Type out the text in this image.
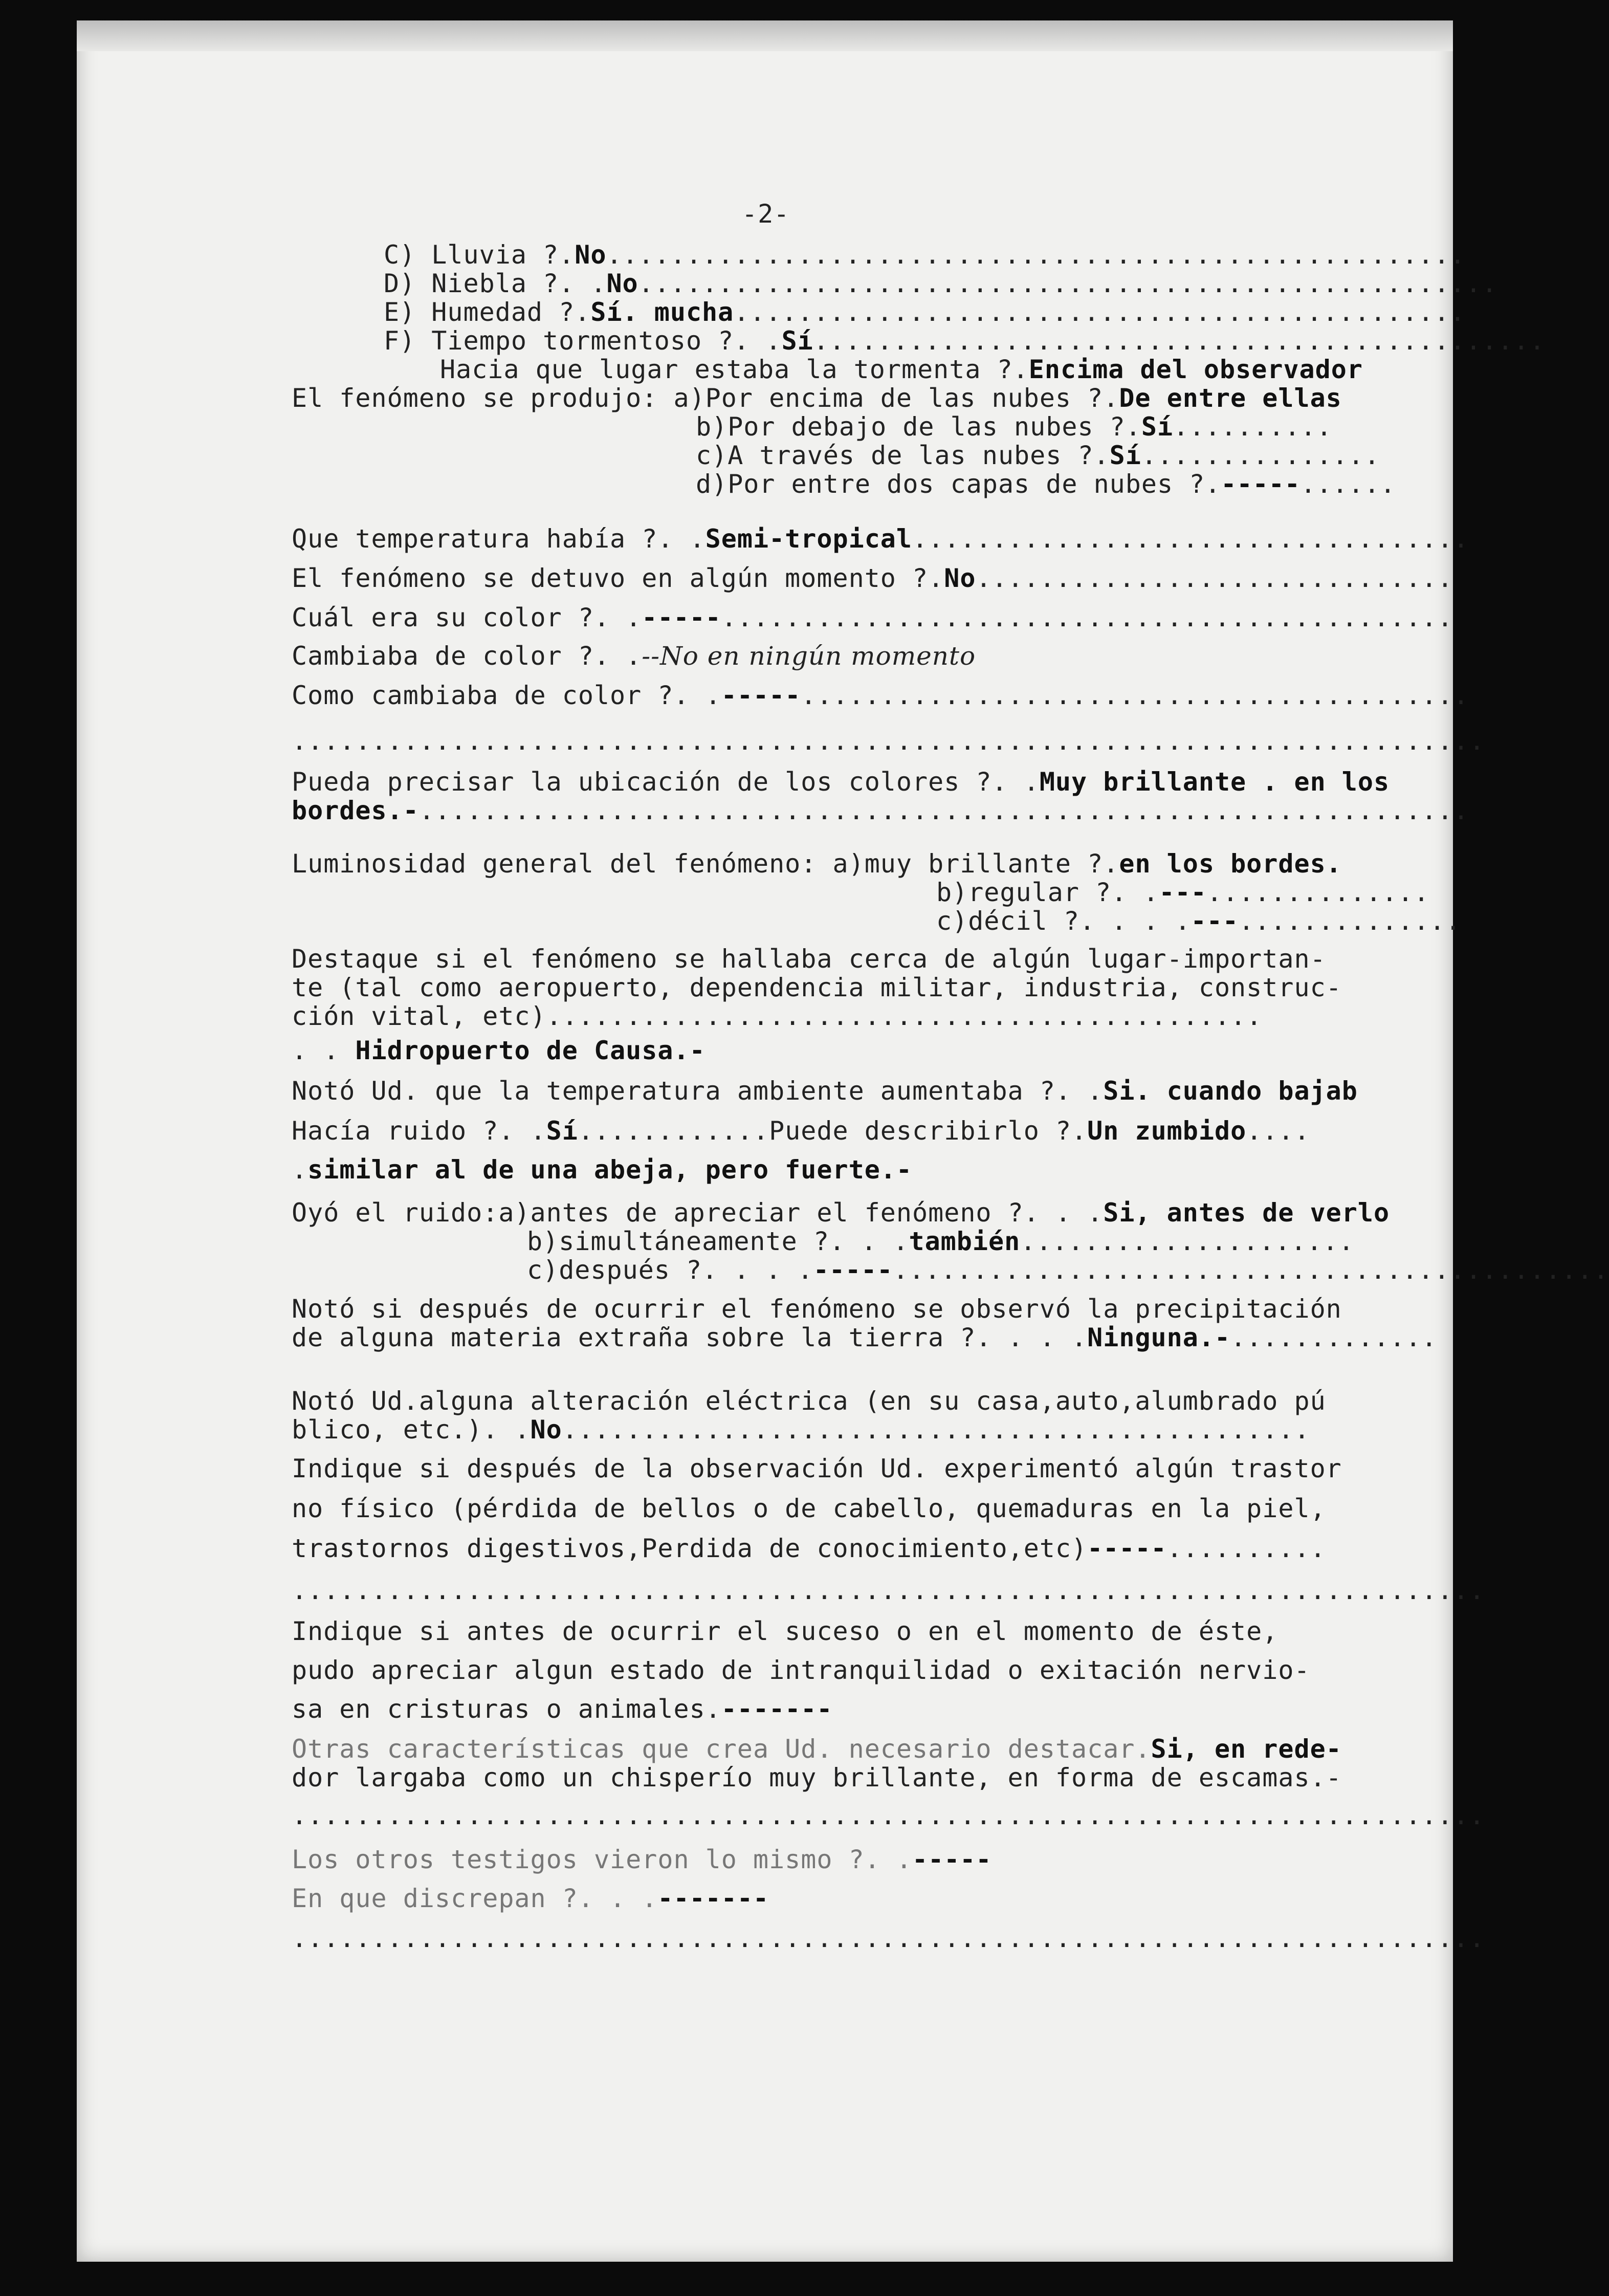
-2-
C) Lluvia ?.No......................................................
D) Niebla ?. .No......................................................
E) Humedad ?.Sí. mucha..............................................
F) Tiempo tormentoso ?. .Sí..............................................
Hacia que lugar estaba la tormenta ?.Encima del observador
El fenómeno se produjo: a)Por encima de las nubes ?.De entre ellas
b)Por debajo de las nubes ?.Sí..........
c)A través de las nubes ?.Sí...............
d)Por entre dos capas de nubes ?.-----......
Que temperatura había ?. .Semi-tropical...................................
El fenómeno se detuvo en algún momento ?.No..............................
Cuál era su color ?. .-----..............................................
Cambiaba de color ?. .--No en ningún momento
Como cambiaba de color ?. .-----..........................................
...........................................................................
Pueda precisar la ubicación de los colores ?. .Muy brillante . en los
bordes.-..................................................................
Luminosidad general del fenómeno: a)muy brillante ?.en los bordes.
b)regular ?. .---..............
c)décil ?. . . .---..............
Destaque si el fenómeno se hallaba cerca de algún lugar-importan-
te (tal como aeropuerto, dependencia militar, industria, construc-
ción vital, etc).............................................
. . Hidropuerto de Causa.-
Notó Ud. que la temperatura ambiente aumentaba ?. .Si. cuando bajab
Hacía ruido ?. .Sí............Puede describirlo ?.Un zumbido....
.similar al de una abeja, pero fuerte.-
Oyó el ruido:a)antes de apreciar el fenómeno ?. . .Si, antes de verlo
b)simultáneamente ?. . .también.....................
c)después ?. . . .-----.............................................
Notó si después de ocurrir el fenómeno se observó la precipitación
de alguna materia extraña sobre la tierra ?. . . .Ninguna.-.............
Notó Ud.alguna alteración eléctrica (en su casa,auto,alumbrado pú
blico, etc.). .No...............................................
Indique si después de la observación Ud. experimentó algún trastor
no físico (pérdida de bellos o de cabello, quemaduras en la piel,
trastornos digestivos,Perdida de conocimiento,etc)-----..........
...........................................................................
Indique si antes de ocurrir el suceso o en el momento de éste,
pudo apreciar algun estado de intranquilidad o exitación nervio-
sa en cristuras o animales.-------
Otras características que crea Ud. necesario destacar.Si, en rede-
dor largaba como un chisperío muy brillante, en forma de escamas.-
...........................................................................
Los otros testigos vieron lo mismo ?. .-----
En que discrepan ?. . .-------
...........................................................................
